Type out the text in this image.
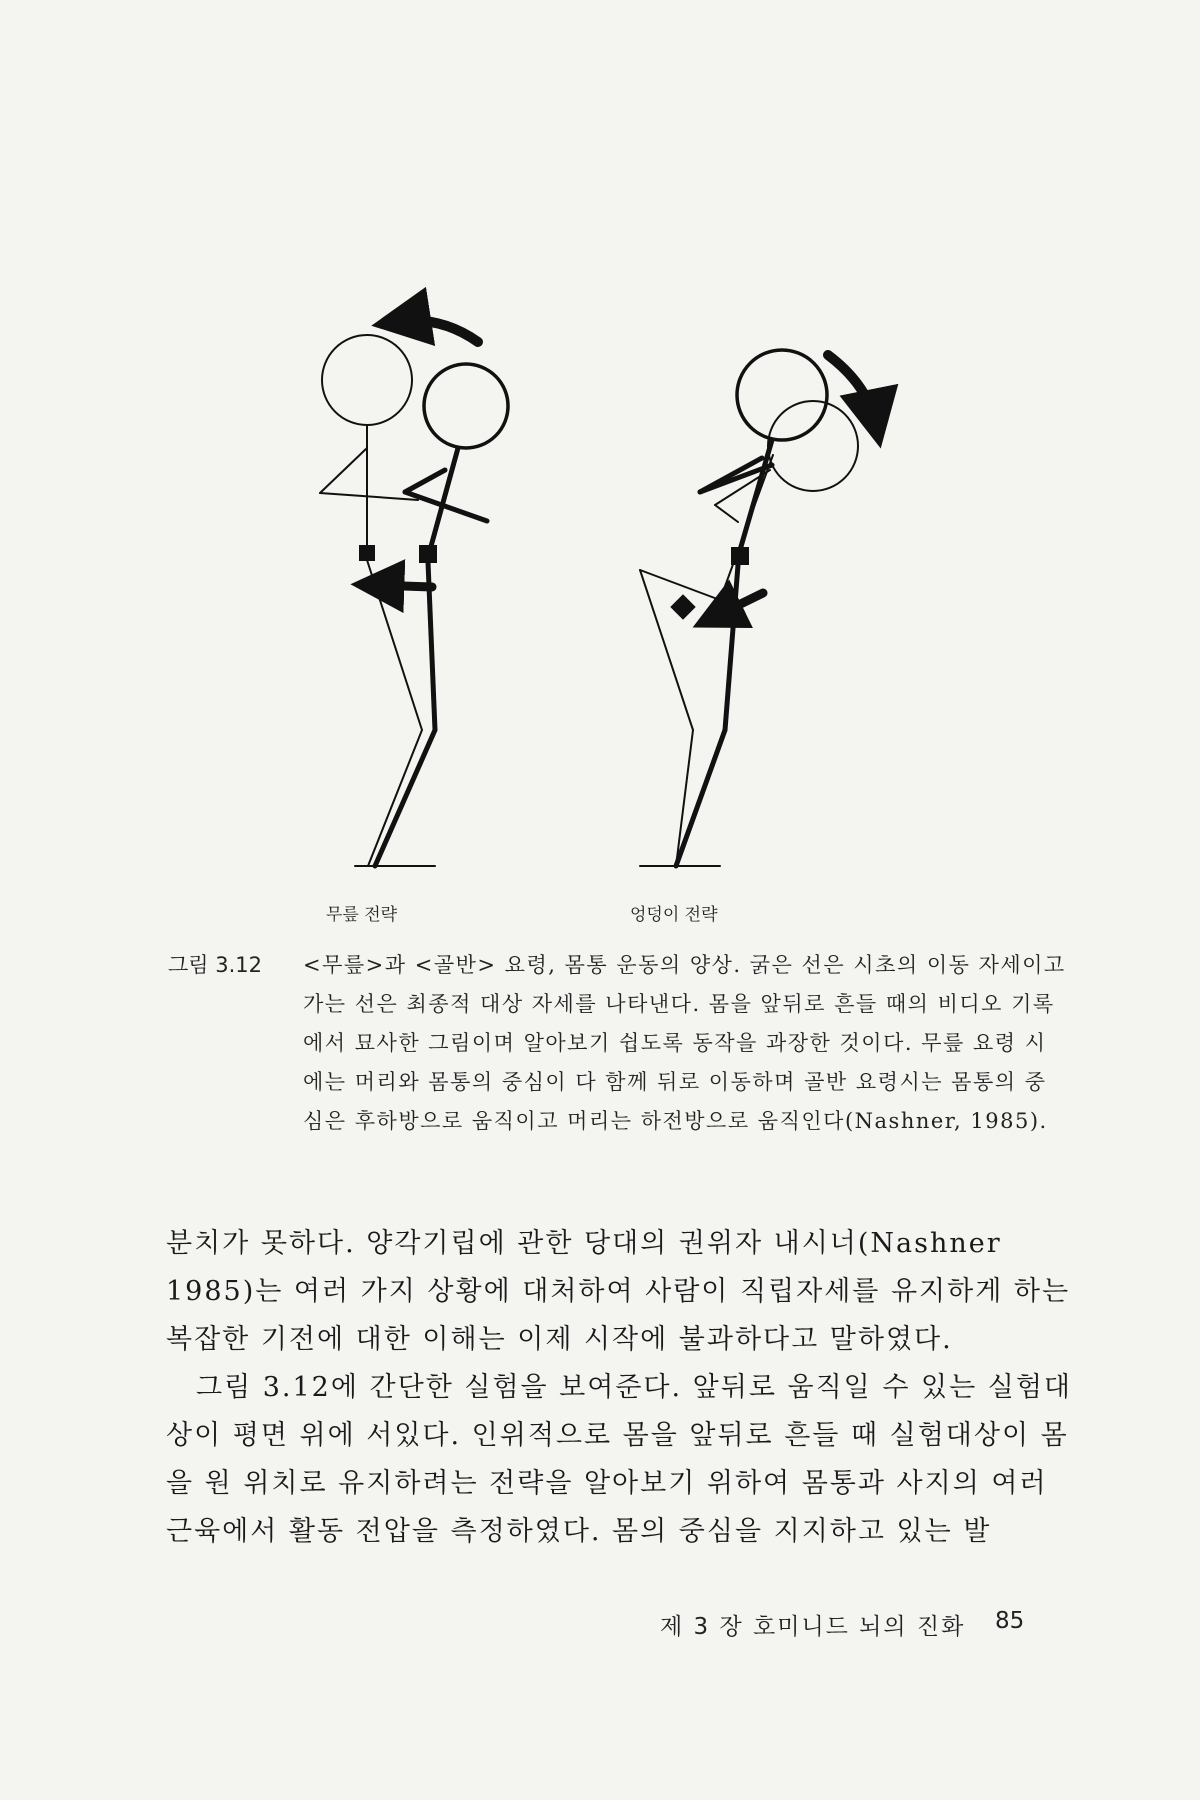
무릎 전략	엉덩이 전략
그림 3.12 <무릎>과 <골반> 요령, 몸통 운동의 양상. 굵은 선은 시초의 이동 자세이고 가는 선은 최종적 대상 자세를 나타낸다. 몸을 앞뒤로 흔들 때의 비디오 기록에서 묘사한 그림이며 알아보기 쉽도록 동작을 과장한 것이다. 무릎 요령 시에는 머리와 몸통의 중심이 다 함께 뒤로 이동하며 골반 요령시는 몸통의 중심은 후하방으로 움직이고 머리는 하전방으로 움직인다(Nashner, 1985).

분치가 못하다. 양각기립에 관한 당대의 권위자 내시너(Nashner 1985)는 여러 가지 상황에 대처하여 사람이 직립자세를 유지하게 하는 복잡한 기전에 대한 이해는 이제 시작에 불과하다고 말하였다.

그림 3.12에 간단한 실험을 보여준다. 앞뒤로 움직일 수 있는 실험대상이 평면 위에 서있다. 인위적으로 몸을 앞뒤로 흔들 때 실험대상이 몸을 원 위치로 유지하려는 전략을 알아보기 위하여 몸통과 사지의 여러 근육에서 활동 전압을 측정하였다. 몸의 중심을 지지하고 있는 발

제 3 장 호미니드 뇌의 진화 85
